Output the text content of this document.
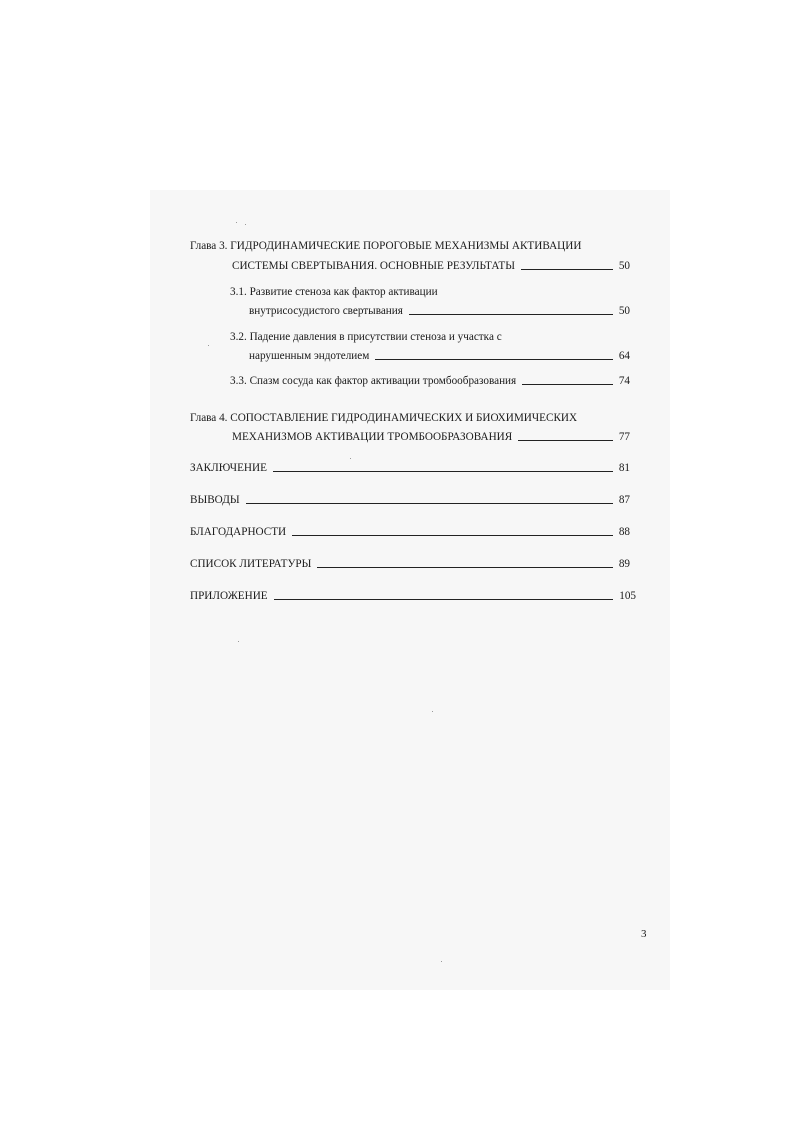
Глава 3. ГИДРОДИНАМИЧЕСКИЕ ПОРОГОВЫЕ МЕХАНИЗМЫ АКТИВАЦИИ
СИСТЕМЫ СВЕРТЫВАНИЯ. ОСНОВНЫЕ РЕЗУЛЬТАТЫ	50
3.1. Развитие стеноза как фактор активации
внутрисосудистого свертывания	50
3.2. Падение давления в присутствии стеноза и участка с
нарушенным эндотелием	64
3.3. Спазм сосуда как фактор активации тромбообразования	74
Глава 4. СОПОСТАВЛЕНИЕ ГИДРОДИНАМИЧЕСКИХ И БИОХИМИЧЕСКИХ
МЕХАНИЗМОВ АКТИВАЦИИ ТРОМБООБРАЗОВАНИЯ	77
ЗАКЛЮЧЕНИЕ	81
ВЫВОДЫ	87
БЛАГОДАРНОСТИ	88
СПИСОК ЛИТЕРАТУРЫ	89
ПРИЛОЖЕНИЕ	105
3
